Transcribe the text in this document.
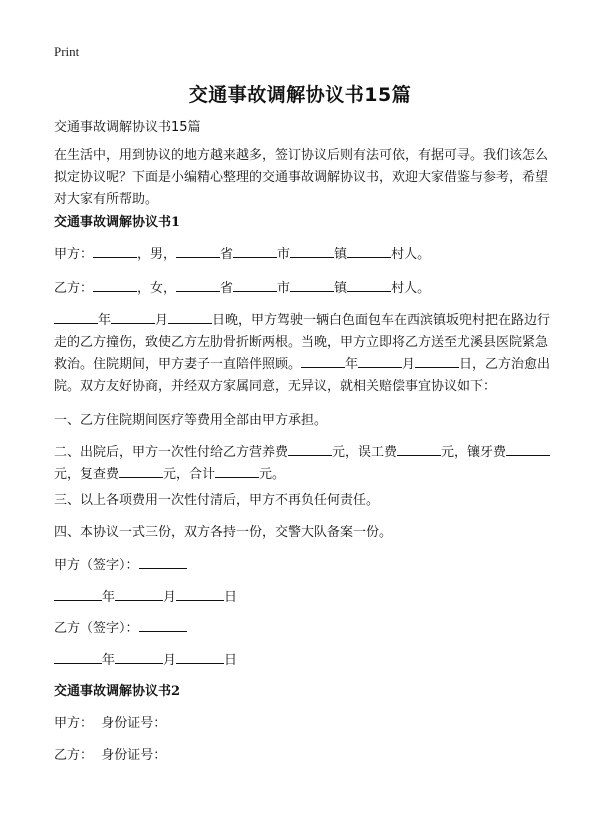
Print
交通事故调解协议书15篇
交通事故调解协议书15篇
在生活中，用到协议的地方越来越多，签订协议后则有法可依，有据可寻。我们该怎么拟定协议呢？下面是小编精心整理的交通事故调解协议书，欢迎大家借鉴与参考，希望对大家有所帮助。
交通事故调解协议书1
甲方：	，男，	省	市	镇	村人。
乙方：	，女，	省	市	镇	村人。
年	月	日晚，甲方驾驶一辆白色面包车在西滨镇坂兜村把在路边行走的乙方撞伤，致使乙方左肋骨折断两根。当晚，甲方立即将乙方送至尤溪县医院紧急救治。住院期间，甲方妻子一直陪伴照顾。	年	月	日，乙方治愈出院。双方友好协商，并经双方家属同意，无异议，就相关赔偿事宜协议如下：
一、乙方住院期间医疗等费用全部由甲方承担。
二、出院后，甲方一次性付给乙方营养费	元，误工费	元，镶牙费元，复查费	元，合计	元。
三、以上各项费用一次性付清后，甲方不再负任何责任。
四、本协议一式三份，双方各持一份，交警大队备案一份。
甲方（签字）：
年	月	日
乙方（签字）：
年	月	日
交通事故调解协议书2
甲方：  身份证号：
乙方：  身份证号：
